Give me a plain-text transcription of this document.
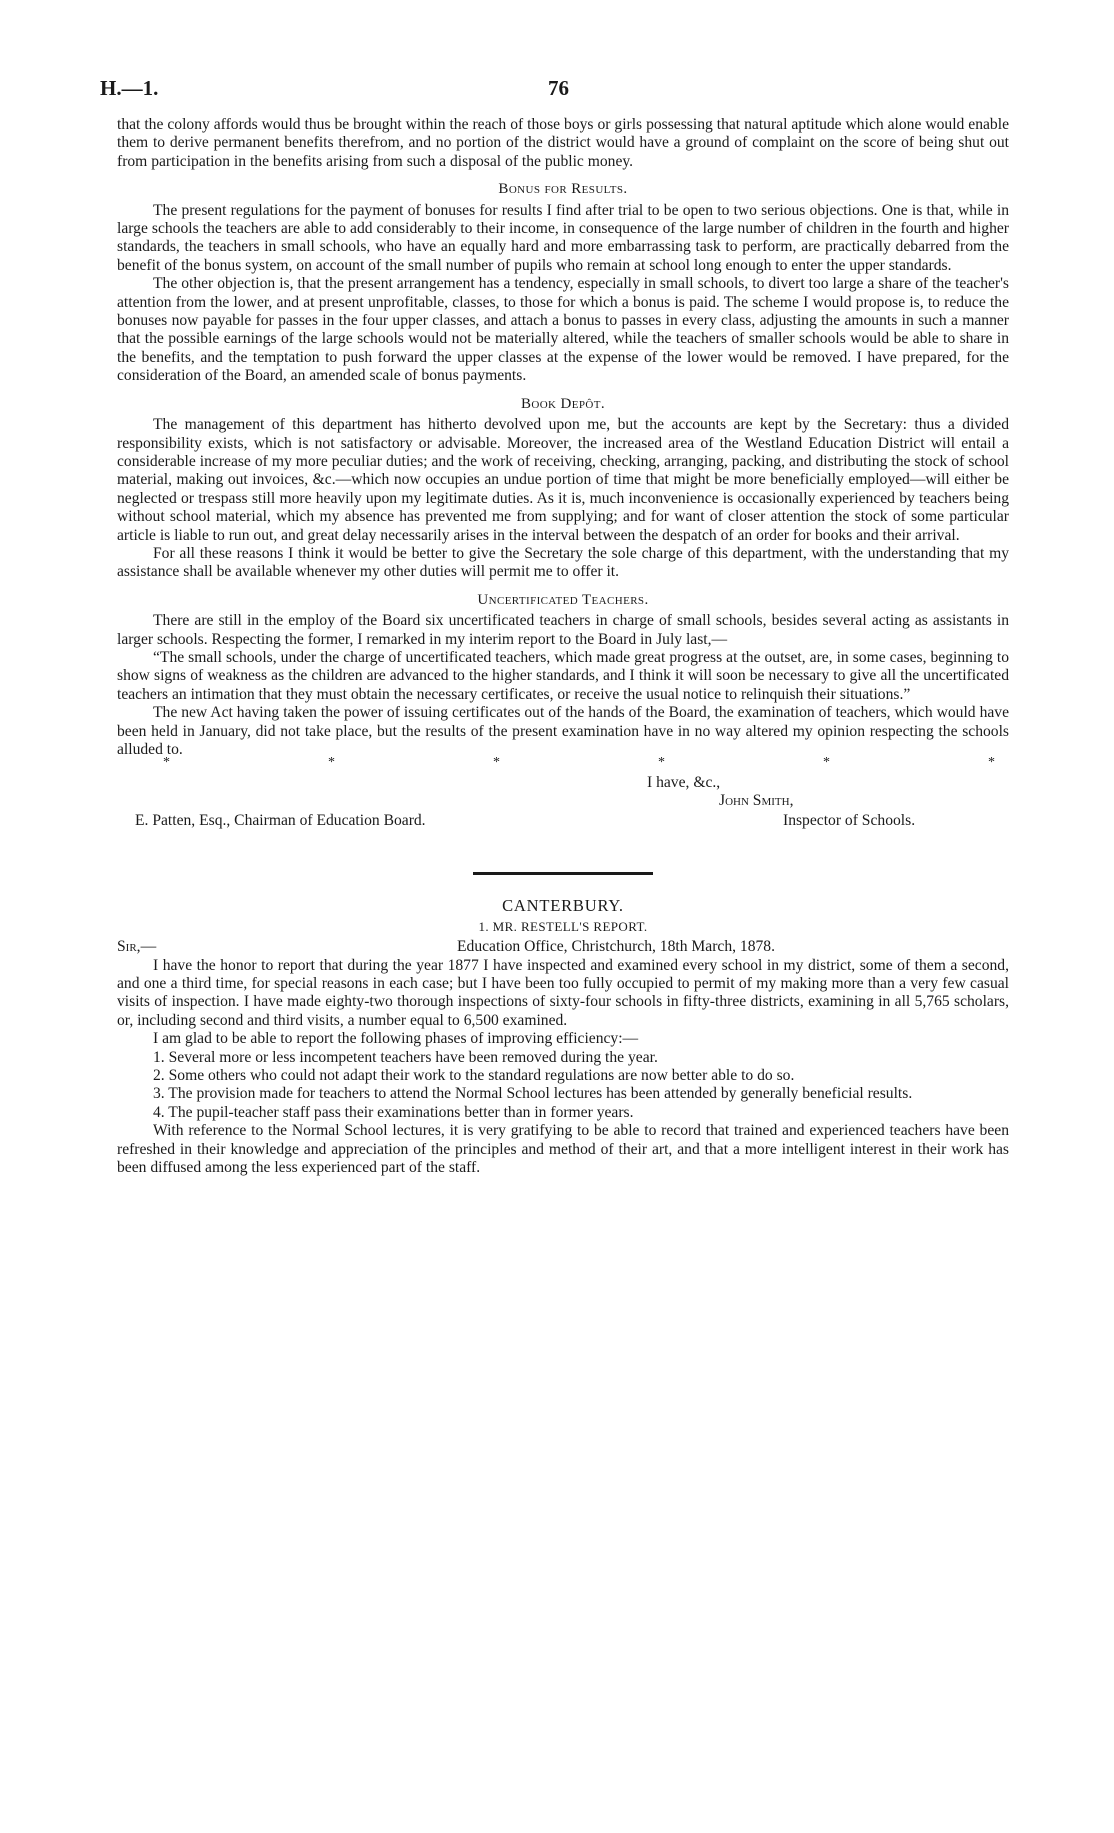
H.—1.	76

that the colony affords would thus be brought within the reach of those boys or girls possessing that natural aptitude which alone would enable them to derive permanent benefits therefrom, and no portion of the district would have a ground of complaint on the score of being shut out from participation in the benefits arising from such a disposal of the public money.

Bonus for Results.

The present regulations for the payment of bonuses for results I find after trial to be open to two serious objections. One is that, while in large schools the teachers are able to add considerably to their income, in consequence of the large number of children in the fourth and higher standards, the teachers in small schools, who have an equally hard and more embarrassing task to perform, are practically debarred from the benefit of the bonus system, on account of the small number of pupils who remain at school long enough to enter the upper standards.

The other objection is, that the present arrangement has a tendency, especially in small schools, to divert too large a share of the teacher's attention from the lower, and at present unprofitable, classes, to those for which a bonus is paid. The scheme I would propose is, to reduce the bonuses now payable for passes in the four upper classes, and attach a bonus to passes in every class, adjusting the amounts in such a manner that the possible earnings of the large schools would not be materially altered, while the teachers of smaller schools would be able to share in the benefits, and the temptation to push forward the upper classes at the expense of the lower would be removed. I have prepared, for the consideration of the Board, an amended scale of bonus payments.

Book Depôt.

The management of this department has hitherto devolved upon me, but the accounts are kept by the Secretary: thus a divided responsibility exists, which is not satisfactory or advisable. Moreover, the increased area of the Westland Education District will entail a considerable increase of my more peculiar duties; and the work of receiving, checking, arranging, packing, and distributing the stock of school material, making out invoices, &c.—which now occupies an undue portion of time that might be more beneficially employed—will either be neglected or trespass still more heavily upon my legitimate duties. As it is, much inconvenience is occasionally experienced by teachers being without school material, which my absence has prevented me from supplying; and for want of closer attention the stock of some particular article is liable to run out, and great delay necessarily arises in the interval between the despatch of an order for books and their arrival.

For all these reasons I think it would be better to give the Secretary the sole charge of this department, with the understanding that my assistance shall be available whenever my other duties will permit me to offer it.

Uncertificated Teachers.

There are still in the employ of the Board six uncertificated teachers in charge of small schools, besides several acting as assistants in larger schools. Respecting the former, I remarked in my interim report to the Board in July last,—

“The small schools, under the charge of uncertificated teachers, which made great progress at the outset, are, in some cases, beginning to show signs of weakness as the children are advanced to the higher standards, and I think it will soon be necessary to give all the uncertificated teachers an intimation that they must obtain the necessary certificates, or receive the usual notice to relinquish their situations.”

The new Act having taken the power of issuing certificates out of the hands of the Board, the examination of teachers, which would have been held in January, did not take place, but the results of the present examination have in no way altered my opinion respecting the schools alluded to.

*	*	*	*	*	*
I have, &c.,
John Smith,
E. Patten, Esq., Chairman of Education Board.	Inspector of Schools.
CANTERBURY.
1. MR. RESTELL'S REPORT.
Sir,—	Education Office, Christchurch, 18th March, 1878.

I have the honor to report that during the year 1877 I have inspected and examined every school in my district, some of them a second, and one a third time, for special reasons in each case; but I have been too fully occupied to permit of my making more than a very few casual visits of inspection. I have made eighty-two thorough inspections of sixty-four schools in fifty-three districts, examining in all 5,765 scholars, or, including second and third visits, a number equal to 6,500 examined.

I am glad to be able to report the following phases of improving efficiency:—

1. Several more or less incompetent teachers have been removed during the year.

2. Some others who could not adapt their work to the standard regulations are now better able to do so.

3. The provision made for teachers to attend the Normal School lectures has been attended by generally beneficial results.

4. The pupil-teacher staff pass their examinations better than in former years.

With reference to the Normal School lectures, it is very gratifying to be able to record that trained and experienced teachers have been refreshed in their knowledge and appreciation of the principles and method of their art, and that a more intelligent interest in their work has been diffused among the less experienced part of the staff.
